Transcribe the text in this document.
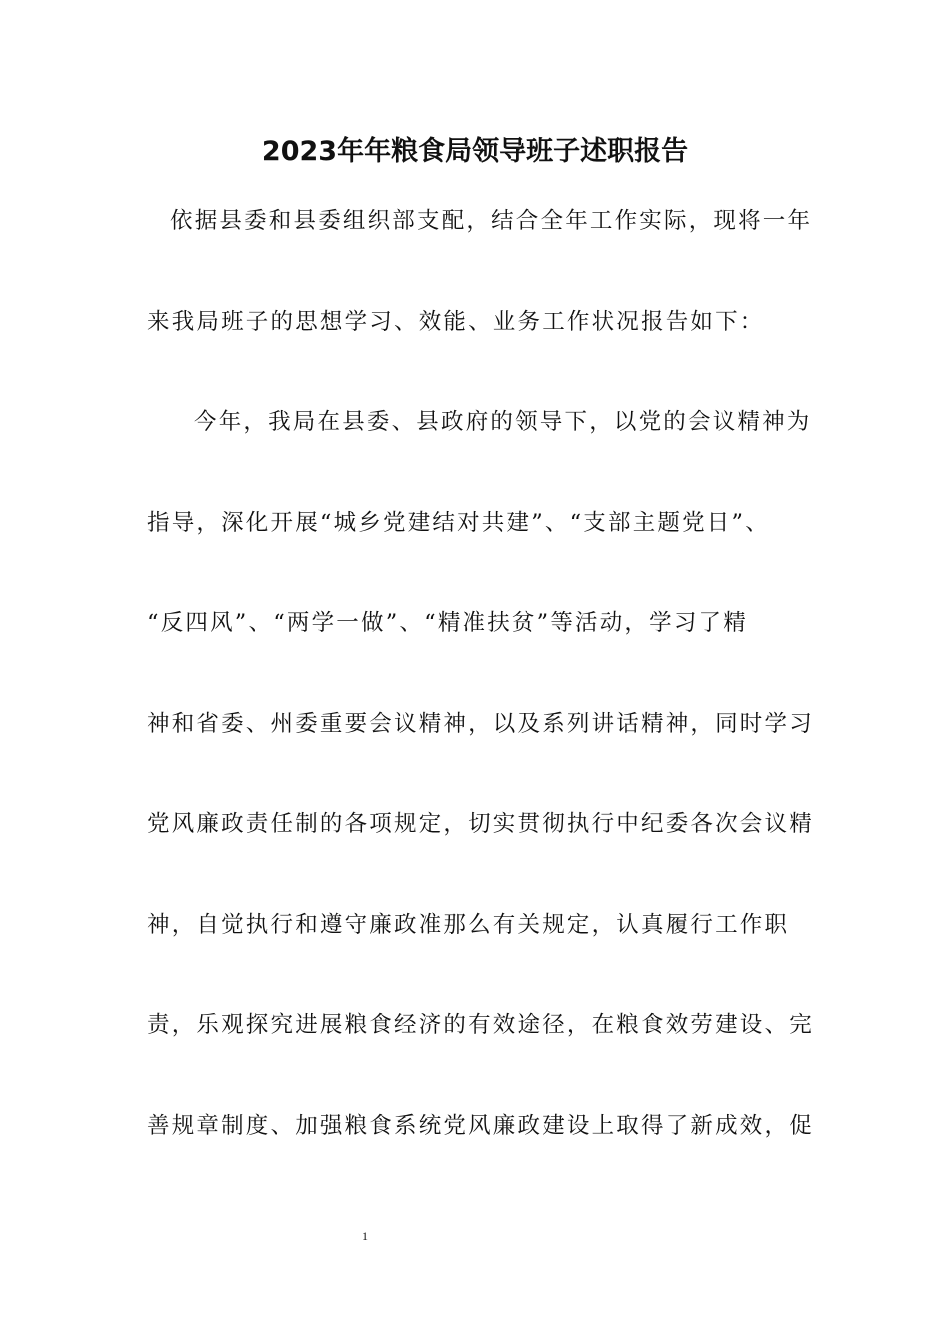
2023年年粮食局领导班子述职报告

依据县委和县委组织部支配，结合全年工作实际，现将一年

来我局班子的思想学习、效能、业务工作状况报告如下：

今年，我局在县委、县政府的领导下，以党的会议精神为

指导，深化开展“城乡党建结对共建”、“支部主题党日”、

“反四风”、“两学一做”、“精准扶贫”等活动，学习了精

神和省委、州委重要会议精神，以及系列讲话精神，同时学习

党风廉政责任制的各项规定，切实贯彻执行中纪委各次会议精

神，自觉执行和遵守廉政准那么有关规定，认真履行工作职

责，乐观探究进展粮食经济的有效途径，在粮食效劳建设、完

善规章制度、加强粮食系统党风廉政建设上取得了新成效，促

1
